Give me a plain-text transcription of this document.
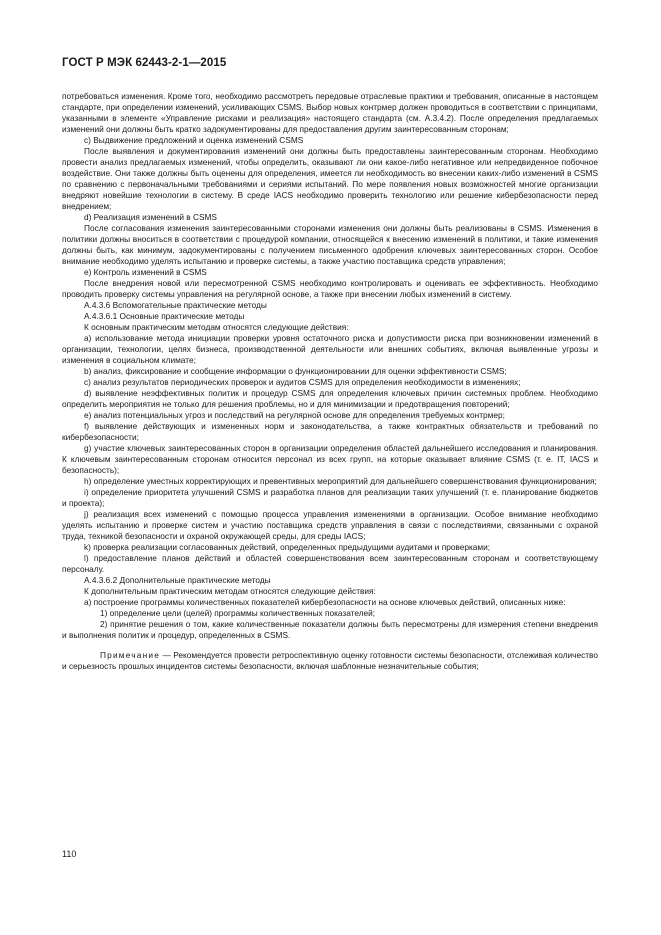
ГОСТ Р МЭК 62443-2-1—2015

потребоваться изменения. Кроме того, необходимо рассмотреть передовые отраслевые практики и требования, описанные в настоящем стандарте, при определении изменений, усиливающих CSMS. Выбор новых контрмер должен проводиться в соответствии с принципами, указанными в элементе «Управление рисками и реализация» настоящего стандарта (см. А.3.4.2). После определения предлагаемых изменений они должны быть кратко задокументированы для предоставления другим заинтересованным сторонам;

c) Выдвижение предложений и оценка изменений CSMS

После выявления и документирования изменений они должны быть предоставлены заинтересованным сторонам. Необходимо провести анализ предлагаемых изменений, чтобы определить, оказывают ли они какое-либо негативное или непредвиденное побочное воздействие. Они также должны быть оценены для определения, имеется ли необходимость во внесении каких-либо изменений в CSMS по сравнению с первоначальными требованиями и сериями испытаний. По мере появления новых возможностей многие организации внедряют новейшие технологии в систему. В среде IACS необходимо проверить технологию или решение кибербезопасности перед внедрением;

d) Реализация изменений в CSMS

После согласования изменения заинтересованными сторонами изменения они должны быть реализованы в CSMS. Изменения в политики должны вноситься в соответствии с процедурой компании, относящейся к внесению изменений в политики, и такие изменения должны быть, как минимум, задокументированы с получением письменного одобрения ключевых заинтересованных сторон. Особое внимание необходимо уделять испытанию и проверке системы, а также участию поставщика средств управления;

e) Контроль изменений в CSMS

После внедрения новой или пересмотренной CSMS необходимо контролировать и оценивать ее эффективность. Необходимо проводить проверку системы управления на регулярной основе, а также при внесении любых изменений в систему.

А.4.3.6 Вспомогательные практические методы

А.4.3.6.1 Основные практические методы

К основным практическим методам относятся следующие действия:

a) использование метода инициации проверки уровня остаточного риска и допустимости риска при возникновении изменений в организации, технологии, целях бизнеса, производственной деятельности или внешних событиях, включая выявленные угрозы и изменения в социальном климате;

b) анализ, фиксирование и сообщение информации о функционировании для оценки эффективности CSMS;

c) анализ результатов периодических проверок и аудитов CSMS для определения необходимости в изменениях;

d) выявление неэффективных политик и процедур CSMS для определения ключевых причин системных проблем. Необходимо определить мероприятия не только для решения проблемы, но и для минимизации и предотвращения повторений;

e) анализ потенциальных угроз и последствий на регулярной основе для определения требуемых контрмер;

f) выявление действующих и измененных норм и законодательства, а также контрактных обязательств и требований по кибербезопасности;

g) участие ключевых заинтересованных сторон в организации определения областей дальнейшего исследования и планирования. К ключевым заинтересованным сторонам относится персонал из всех групп, на которые оказывает влияние CSMS (т. е. IT, IACS и безопасность);

h) определение уместных корректирующих и превентивных мероприятий для дальнейшего совершенствования функционирования;

i) определение приоритета улучшений CSMS и разработка планов для реализации таких улучшений (т. е. планирование бюджетов и проекта);

j) реализация всех изменений с помощью процесса управления изменениями в организации. Особое внимание необходимо уделять испытанию и проверке систем и участию поставщика средств управления в связи с последствиями, связанными с охраной труда, техникой безопасности и охраной окружающей среды, для среды IACS;

k) проверка реализации согласованных действий, определенных предыдущими аудитами и проверками;

l) предоставление планов действий и областей совершенствования всем заинтересованным сторонам и соответствующему персоналу.

А.4.3.6.2 Дополнительные практические методы

К дополнительным практическим методам относятся следующие действия:

a) построение программы количественных показателей кибербезопасности на основе ключевых действий, описанных ниже:

1) определение цели (целей) программы количественных показателей;

2) принятие решения о том, какие количественные показатели должны быть пересмотрены для измерения степени внедрения и выполнения политик и процедур, определенных в CSMS.

Примечание — Рекомендуется провести ретроспективную оценку готовности системы безопасности, отслеживая количество и серьезность прошлых инцидентов системы безопасности, включая шаблонные незначительные события;

110
